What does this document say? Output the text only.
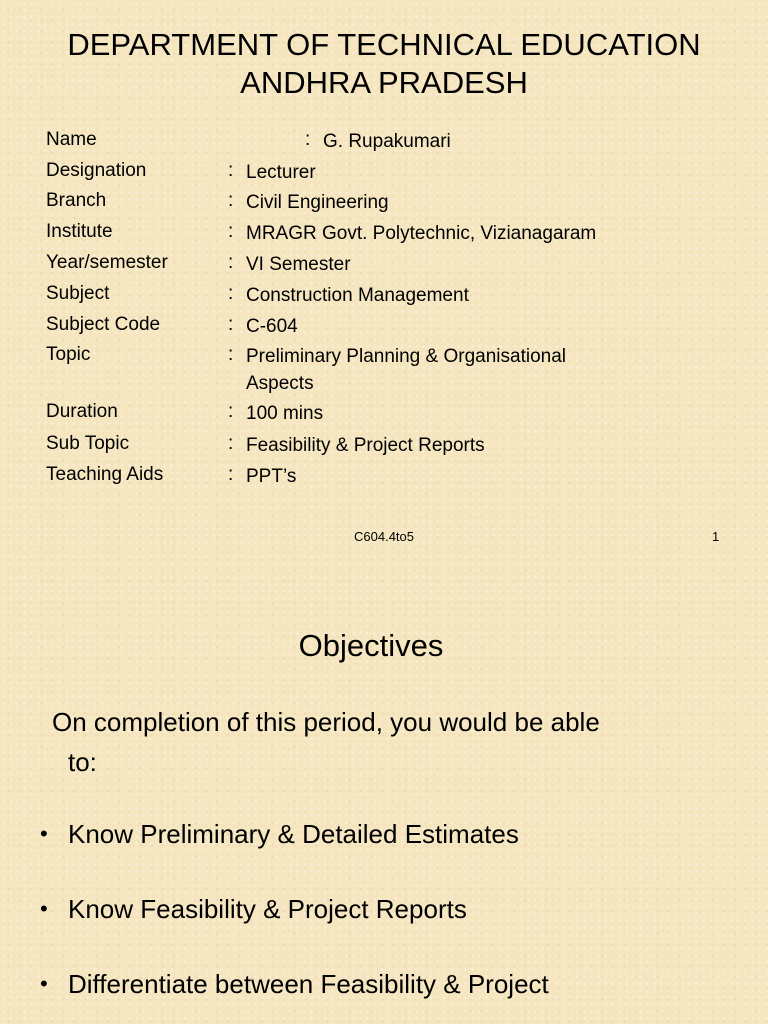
DEPARTMENT OF TECHNICAL EDUCATION
ANDHRA PRADESH
Name	: G. Rupakumari
Designation	: Lecturer
Branch	: Civil Engineering
Institute	: MRAGR Govt. Polytechnic, Vizianagaram
Year/semester	: VI Semester
Subject	: Construction Management
Subject Code	: C-604
Topic	: Preliminary Planning & Organisational Aspects
Duration	: 100 mins
Sub Topic	: Feasibility & Project Reports
Teaching Aids	: PPT’s
C604.4to5	1
Objectives
On completion of this period, you would be able
to:
• Know Preliminary & Detailed Estimates
• Know Feasibility & Project Reports
• Differentiate between Feasibility & Project
